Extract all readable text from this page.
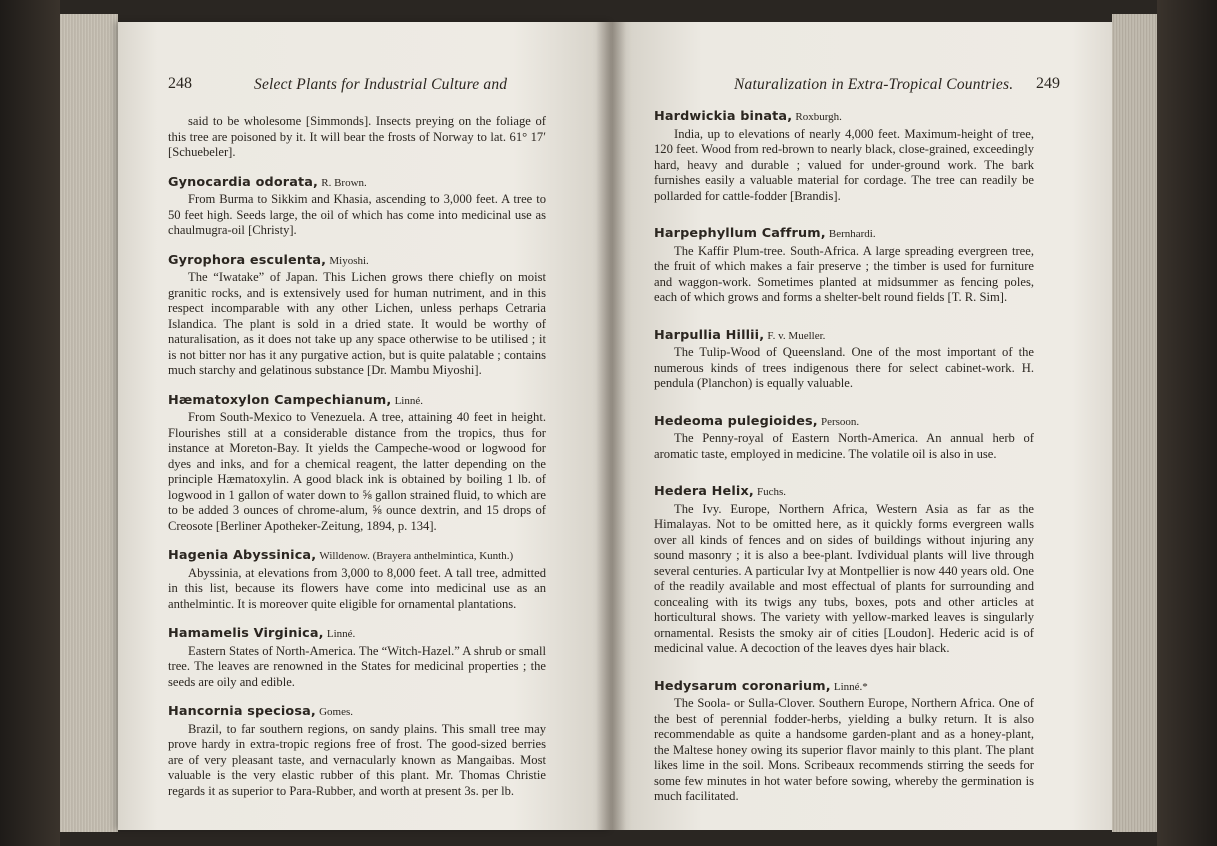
248	Select Plants for Industrial Culture and
said to be wholesome [Simmonds]. Insects preying on the foliage of this tree are poisoned by it. It will bear the frosts of Norway to lat. 61° 17′ [Schuebeler].
Gynocardia odorata, R. Brown.
From Burma to Sikkim and Khasia, ascending to 3,000 feet. A tree to 50 feet high. Seeds large, the oil of which has come into medicinal use as chaulmugra-oil [Christy].
Gyrophora esculenta, Miyoshi.
The “Iwatake” of Japan. This Lichen grows there chiefly on moist granitic rocks, and is extensively used for human nutriment, and in this respect incomparable with any other Lichen, unless perhaps Cetraria Islandica. The plant is sold in a dried state. It would be worthy of naturalisation, as it does not take up any space otherwise to be utilised ; it is not bitter nor has it any purgative action, but is quite palatable ; contains much starchy and gelatinous substance [Dr. Mambu Miyoshi].
Hæmatoxylon Campechianum, Linné.
From South-Mexico to Venezuela. A tree, attaining 40 feet in height. Flourishes still at a considerable distance from the tropics, thus for instance at Moreton-Bay. It yields the Campeche-wood or logwood for dyes and inks, and for a chemical reagent, the latter depending on the principle Hæmatoxylin. A good black ink is obtained by boiling 1 lb. of logwood in 1 gallon of water down to ⅝ gallon strained fluid, to which are to be added 3 ounces of chrome-alum, ⅝ ounce dextrin, and 15 drops of Creosote [Berliner Apotheker-Zeitung, 1894, p. 134].
Hagenia Abyssinica, Willdenow. (Brayera anthelmintica, Kunth.)
Abyssinia, at elevations from 3,000 to 8,000 feet. A tall tree, admitted in this list, because its flowers have come into medicinal use as an anthelmintic. It is moreover quite eligible for ornamental plantations.
Hamamelis Virginica, Linné.
Eastern States of North-America. The “Witch-Hazel.” A shrub or small tree. The leaves are renowned in the States for medicinal properties ; the seeds are oily and edible.
Hancornia speciosa, Gomes.
Brazil, to far southern regions, on sandy plains. This small tree may prove hardy in extra-tropic regions free of frost. The good-sized berries are of very pleasant taste, and vernacularly known as Mangaibas. Most valuable is the very elastic rubber of this plant. Mr. Thomas Christie regards it as superior to Para-Rubber, and worth at present 3s. per lb.
Naturalization in Extra-Tropical Countries. 249
Hardwickia binata, Roxburgh.
India, up to elevations of nearly 4,000 feet. Maximum-height of tree, 120 feet. Wood from red-brown to nearly black, close-grained, exceedingly hard, heavy and durable ; valued for under-ground work. The bark furnishes easily a valuable material for cordage. The tree can readily be pollarded for cattle-fodder [Brandis].
Harpephyllum Caffrum, Bernhardi.
The Kaffir Plum-tree. South-Africa. A large spreading evergreen tree, the fruit of which makes a fair preserve ; the timber is used for furniture and waggon-work. Sometimes planted at midsummer as fencing poles, each of which grows and forms a shelter-belt round fields [T. R. Sim].
Harpullia Hillii, F. v. Mueller.
The Tulip-Wood of Queensland. One of the most important of the numerous kinds of trees indigenous there for select cabinet-work. H. pendula (Planchon) is equally valuable.
Hedeoma pulegioides, Persoon.
The Penny-royal of Eastern North-America. An annual herb of aromatic taste, employed in medicine. The volatile oil is also in use.
Hedera Helix, Fuchs.
The Ivy. Europe, Northern Africa, Western Asia as far as the Himalayas. Not to be omitted here, as it quickly forms evergreen walls over all kinds of fences and on sides of buildings without injuring any sound masonry ; it is also a bee-plant. Ivdividual plants will live through several centuries. A particular Ivy at Montpellier is now 440 years old. One of the readily available and most effectual of plants for surrounding and concealing with its twigs any tubs, boxes, pots and other articles at horticultural shows. The variety with yellow-marked leaves is singularly ornamental. Resists the smoky air of cities [Loudon]. Hederic acid is of medicinal value. A decoction of the leaves dyes hair black.
Hedysarum coronarium, Linné.*
The Soola- or Sulla-Clover. Southern Europe, Northern Africa. One of the best of perennial fodder-herbs, yielding a bulky return. It is also recommendable as quite a handsome garden-plant and as a honey-plant, the Maltese honey owing its superior flavor mainly to this plant. The plant likes lime in the soil. Mons. Scribeaux recommends stirring the seeds for some few minutes in hot water before sowing, whereby the germination is much facilitated.
